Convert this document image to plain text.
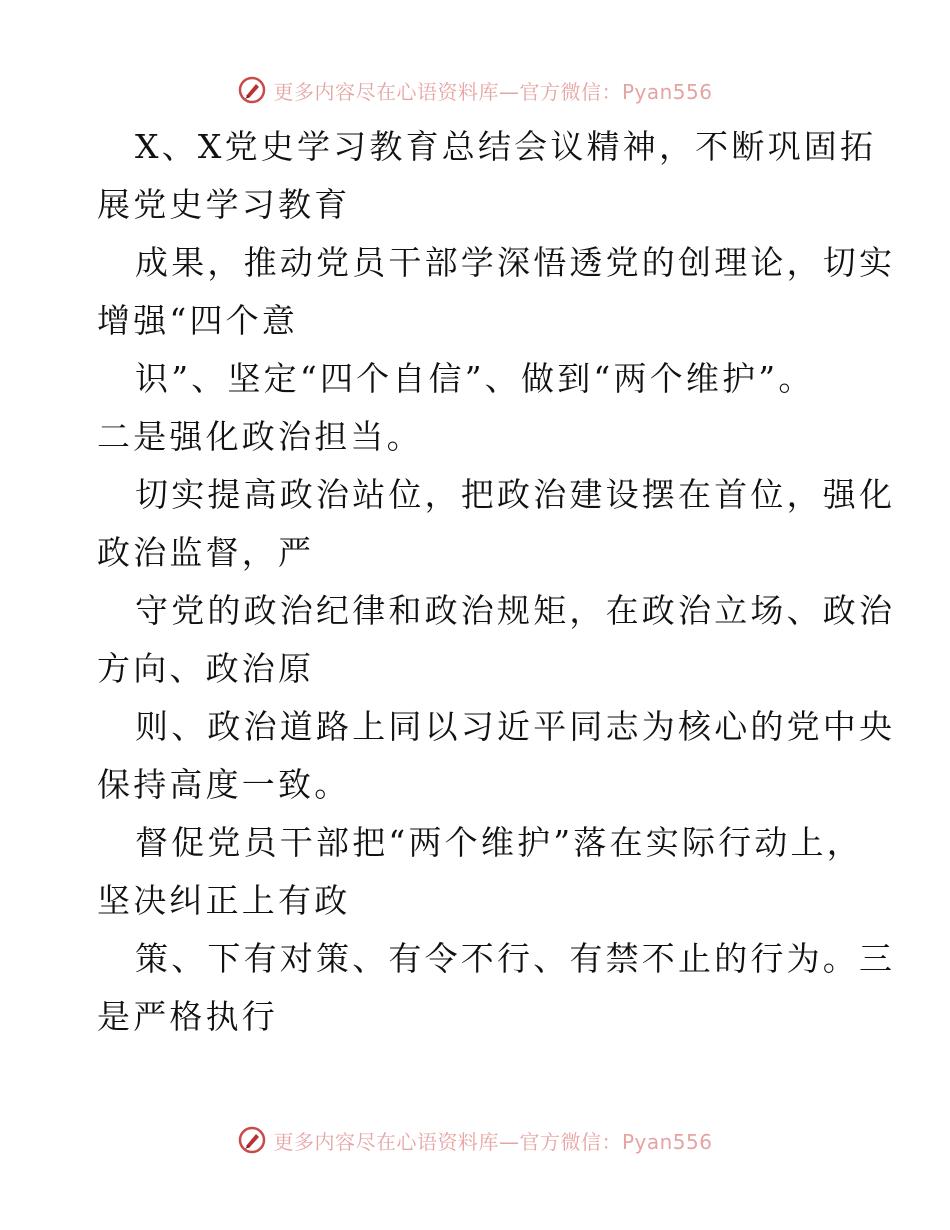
更多内容尽在心语资料库—官方微信：Pyan556
X、X党史学习教育总结会议精神，不断巩固拓
展党史学习教育
成果，推动党员干部学深悟透党的创理论，切实
增强“四个意
识”、坚定“四个自信”、做到“两个维护”。
二是强化政治担当。
切实提高政治站位，把政治建设摆在首位，强化
政治监督，严
守党的政治纪律和政治规矩，在政治立场、政治
方向、政治原
则、政治道路上同以习近平同志为核心的党中央
保持高度一致。
督促党员干部把“两个维护”落在实际行动上，
坚决纠正上有政
策、下有对策、有令不行、有禁不止的行为。三
是严格执行
更多内容尽在心语资料库—官方微信：Pyan556
